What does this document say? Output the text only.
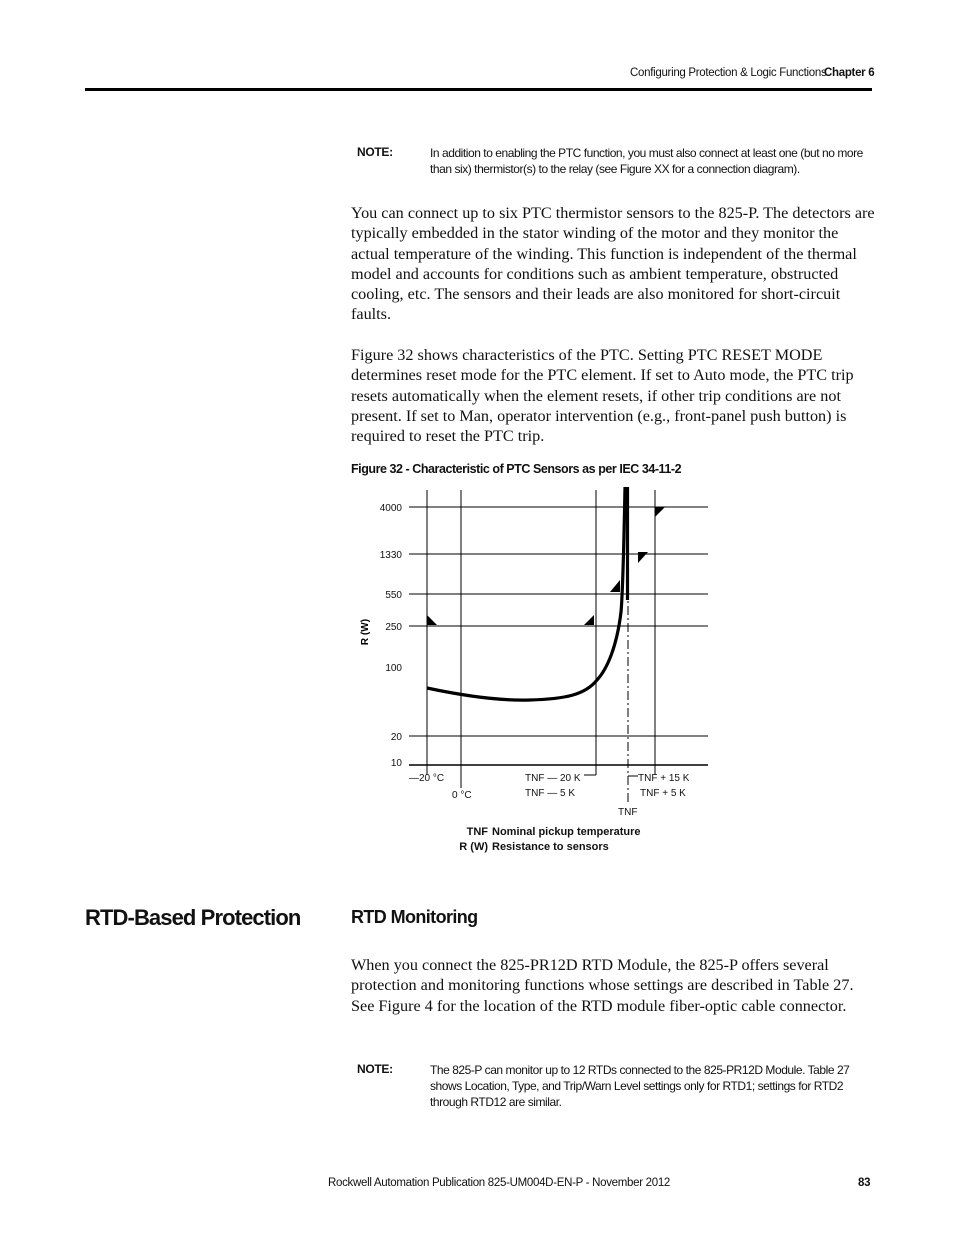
Configuring Protection & Logic Functions
Chapter 6
NOTE:	In addition to enabling the PTC function, you must also connect at least one (but no more than six) thermistor(s) to the relay (see Figure XX for a connection diagram).
You can connect up to six PTC thermistor sensors to the 825-P. The detectors are typically embedded in the stator winding of the motor and they monitor the actual temperature of the winding. This function is independent of the thermal model and accounts for conditions such as ambient temperature, obstructed cooling, etc. The sensors and their leads are also monitored for short-circuit faults.
Figure 32 shows characteristics of the PTC. Setting PTC RESET MODE determines reset mode for the PTC element. If set to Auto mode, the PTC trip resets automatically when the element resets, if other trip conditions are not present. If set to Man, operator intervention (e.g., front-panel push button) is required to reset the PTC trip.
Figure 32 - Characteristic of PTC Sensors as per IEC 34-11-2
4000
1330
550
250
100
20
10
R (W)
—20 °C
0 °C
TNF — 20 K
TNF — 5 K
TNF
TNF + 15 K
TNF + 5 K
TNF Nominal pickup temperature
R (W) Resistance to sensors
RTD-Based Protection	RTD Monitoring
When you connect the 825-PR12D RTD Module, the 825-P offers several protection and monitoring functions whose settings are described in Table 27. See Figure 4 for the location of the RTD module fiber-optic cable connector.
NOTE:	The 825-P can monitor up to 12 RTDs connected to the 825-PR12D Module. Table 27 shows Location, Type, and Trip/Warn Level settings only for RTD1; settings for RTD2 through RTD12 are similar.
Rockwell Automation Publication 825-UM004D-EN-P - November 2012	83
